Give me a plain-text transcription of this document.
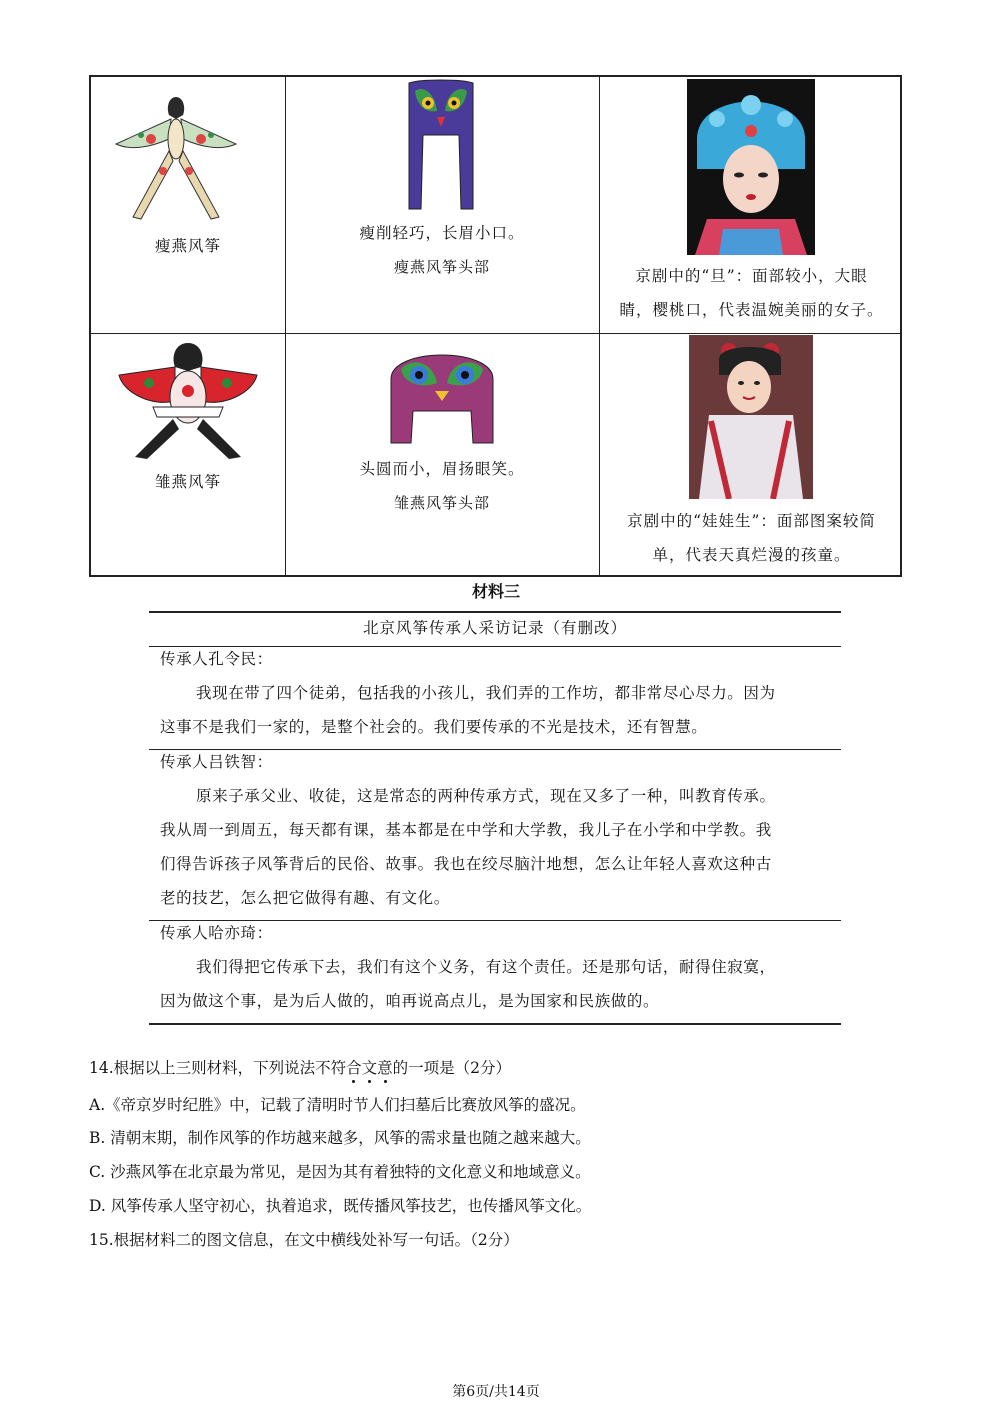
瘦燕风筝
瘦削轻巧，长眉小口。
瘦燕风筝头部	京剧中的“旦”：面部较小，大眼
睛，樱桃口，代表温婉美丽的女子。
雏燕风筝
头圆而小，眉扬眼笑。
雏燕风筝头部
京剧中的“娃娃生”：面部图案较简
单，代表天真烂漫的孩童。
材料三
北京风筝传承人采访记录（有删改）
传承人孔令民：
我现在带了四个徒弟，包括我的小孩儿，我们弄的工作坊，都非常尽心尽力。因为
这事不是我们一家的，是整个社会的。我们要传承的不光是技术，还有智慧。
传承人吕铁智：
原来子承父业、收徒，这是常态的两种传承方式，现在又多了一种，叫教育传承。
我从周一到周五，每天都有课，基本都是在中学和大学教，我儿子在小学和中学教。我
们得告诉孩子风筝背后的民俗、故事。我也在绞尽脑汁地想，怎么让年轻人喜欢这种古
老的技艺，怎么把它做得有趣、有文化。
传承人哈亦琦：
我们得把它传承下去，我们有这个义务，有这个责任。还是那句话，耐得住寂寞，
因为做这个事，是为后人做的，咱再说高点儿，是为国家和民族做的。
14.根据以上三则材料，下列说法不符合文意的一项是（2分）
A.《帝京岁时纪胜》中，记载了清明时节人们扫墓后比赛放风筝的盛况。
B. 清朝末期，制作风筝的作坊越来越多，风筝的需求量也随之越来越大。
C. 沙燕风筝在北京最为常见，是因为其有着独特的文化意义和地域意义。
D. 风筝传承人坚守初心，执着追求，既传播风筝技艺，也传播风筝文化。
15.根据材料二的图文信息，在文中横线处补写一句话。（2分）
第6页/共14页
